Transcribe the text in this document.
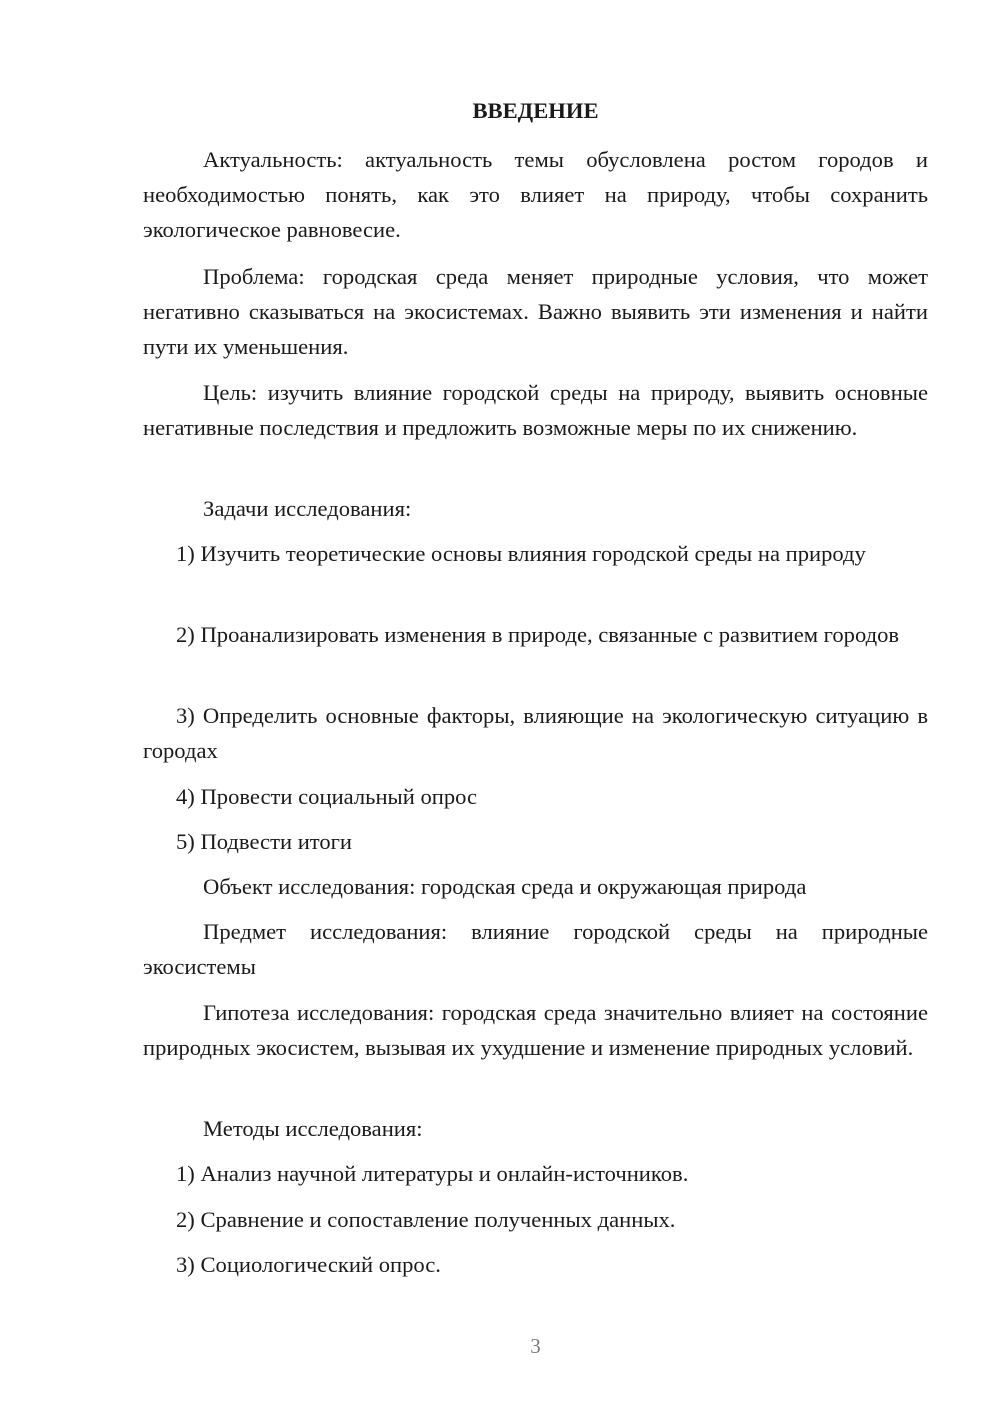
ВВЕДЕНИЕ

Актуальность: актуальность темы обусловлена ростом городов и необходимостью понять, как это влияет на природу, чтобы сохранить экологическое равновесие.

Проблема: городская среда меняет природные условия, что может негативно сказываться на экосистемах. Важно выявить эти изменения и найти пути их уменьшения.

Цель: изучить влияние городской среды на природу, выявить основные негативные последствия и предложить возможные меры по их снижению.

Задачи исследования:

1) Изучить теоретические основы влияния городской среды на природу

2) Проанализировать изменения в природе, связанные с развитием городов

3) Определить основные факторы, влияющие на экологическую ситуацию в городах

4) Провести социальный опрос

5) Подвести итоги

Объект исследования: городская среда и окружающая природа

Предмет исследования: влияние городской среды на природные экосистемы

Гипотеза исследования: городская среда значительно влияет на состояние природных экосистем, вызывая их ухудшение и изменение природных условий.

Методы исследования:

1) Анализ научной литературы и онлайн-источников.

2) Сравнение и сопоставление полученных данных.

3) Социологический опрос.

3
